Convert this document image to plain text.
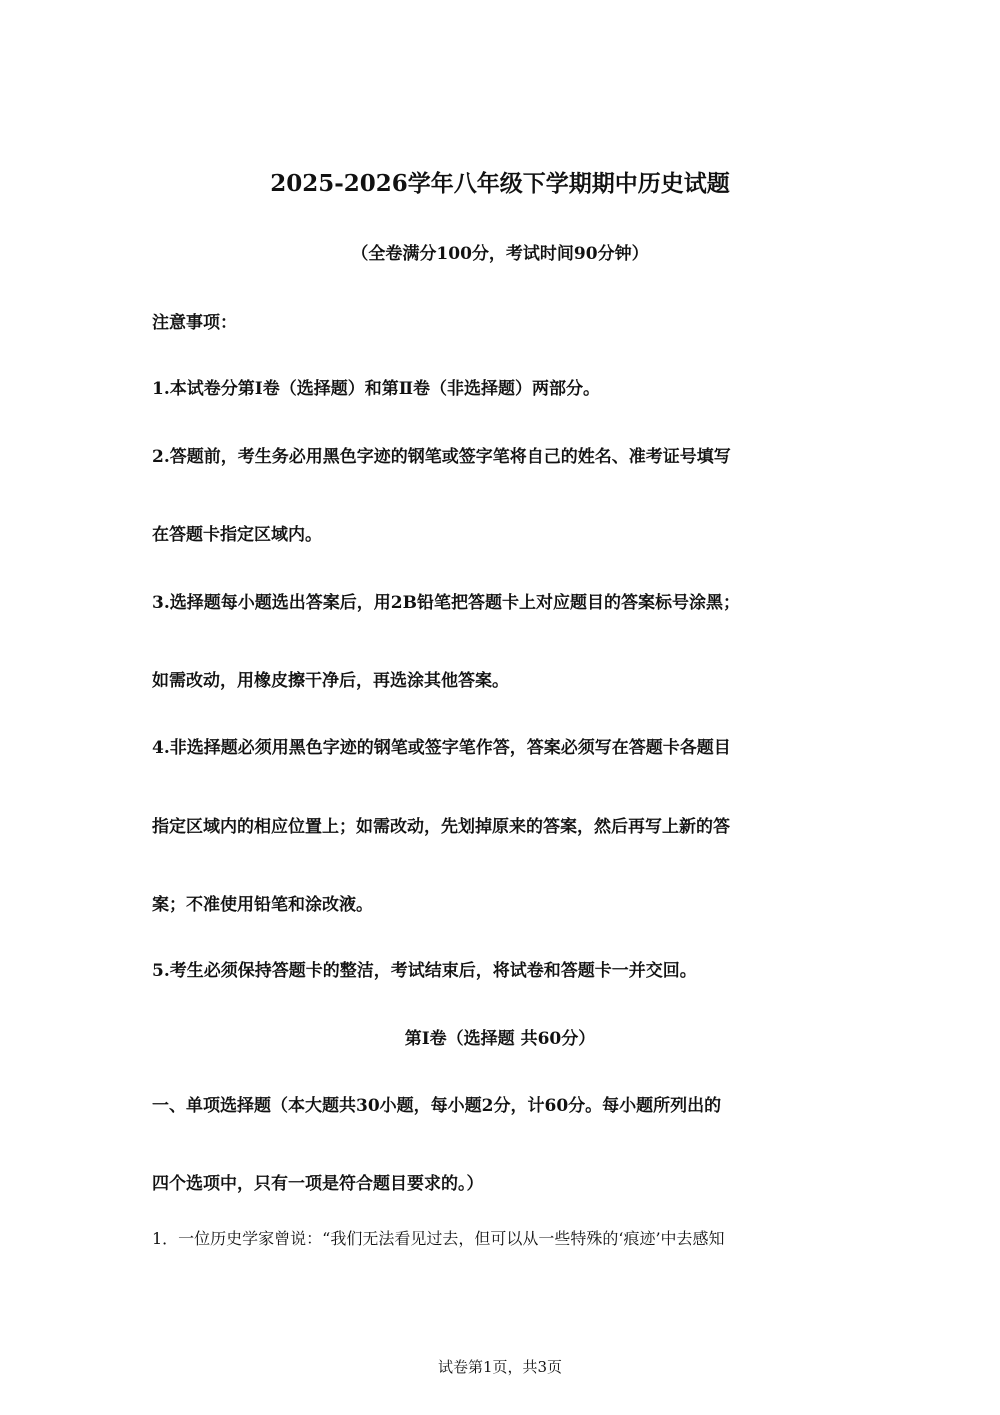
2025-2026学年八年级下学期期中历史试题
（全卷满分100分，考试时间90分钟）
注意事项：
1.本试卷分第Ⅰ卷（选择题）和第Ⅱ卷（非选择题）两部分。
2.答题前，考生务必用黑色字迹的钢笔或签字笔将自己的姓名、准考证号填写
在答题卡指定区域内。
3.选择题每小题选出答案后，用2B铅笔把答题卡上对应题目的答案标号涂黑；
如需改动，用橡皮擦干净后，再选涂其他答案。
4.非选择题必须用黑色字迹的钢笔或签字笔作答，答案必须写在答题卡各题目
指定区域内的相应位置上；如需改动，先划掉原来的答案，然后再写上新的答
案；不准使用铅笔和涂改液。
5.考生必须保持答题卡的整洁，考试结束后，将试卷和答题卡一并交回。
第Ⅰ卷（选择题 共60分）
一、单项选择题（本大题共30小题，每小题2分，计60分。每小题所列出的
四个选项中，只有一项是符合题目要求的。）
1．一位历史学家曾说：“我们无法看见过去，但可以从一些特殊的‘痕迹’中去感知
试卷第1页，共3页
